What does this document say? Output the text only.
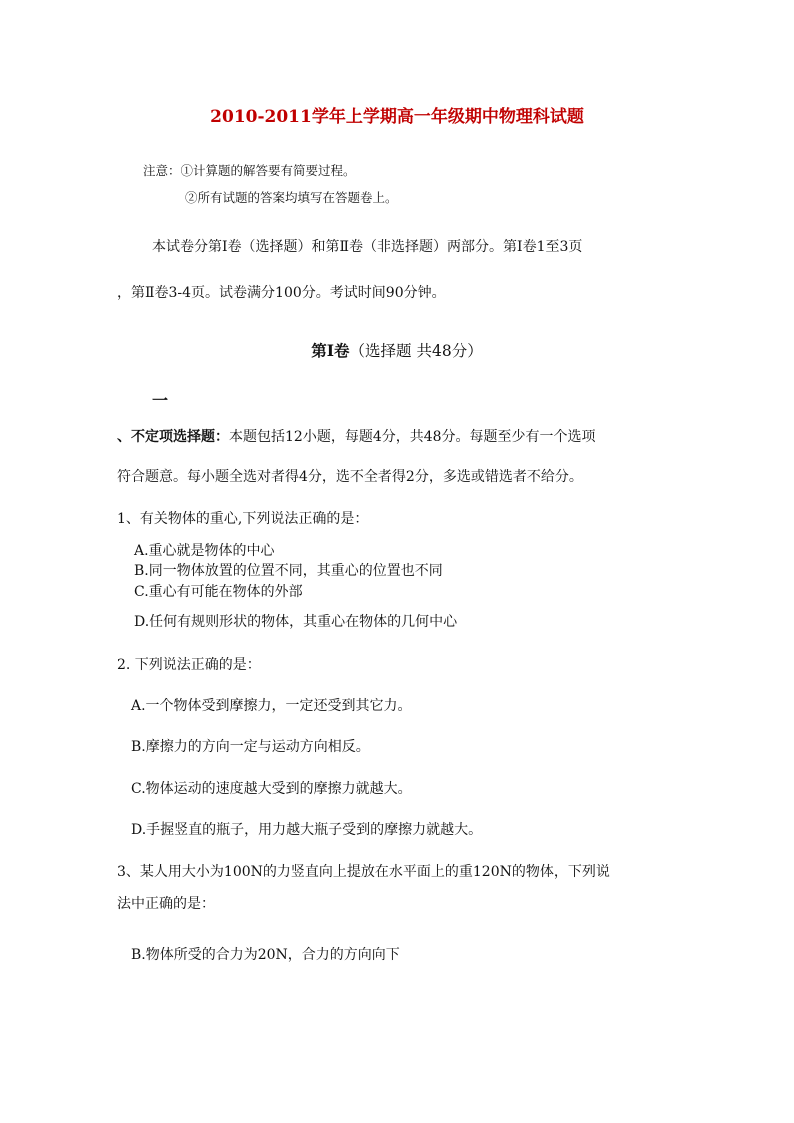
2010-2011学年上学期高一年级期中物理科试题
注意：①计算题的解答要有简要过程。
②所有试题的答案均填写在答题卷上。
本试卷分第Ⅰ卷（选择题）和第Ⅱ卷（非选择题）两部分。第Ⅰ卷1至3页
，第Ⅱ卷3-4页。试卷满分100分。考试时间90分钟。
第Ⅰ卷（选择题 共48分）
一
、不定项选择题：本题包括12小题，每题4分，共48分。每题至少有一个选项
符合题意。每小题全选对者得4分，选不全者得2分，多选或错选者不给分。
1、有关物体的重心,下列说法正确的是：
A.重心就是物体的中心
B.同一物体放置的位置不同，其重心的位置也不同
C.重心有可能在物体的外部
D.任何有规则形状的物体，其重心在物体的几何中心
2. 下列说法正确的是：
A.一个物体受到摩擦力，一定还受到其它力。
B.摩擦力的方向一定与运动方向相反。
C.物体运动的速度越大受到的摩擦力就越大。
D.手握竖直的瓶子，用力越大瓶子受到的摩擦力就越大。
3、某人用大小为100N的力竖直向上提放在水平面上的重120N的物体，下列说
法中正确的是：
B.物体所受的合力为20N，合力的方向向下
